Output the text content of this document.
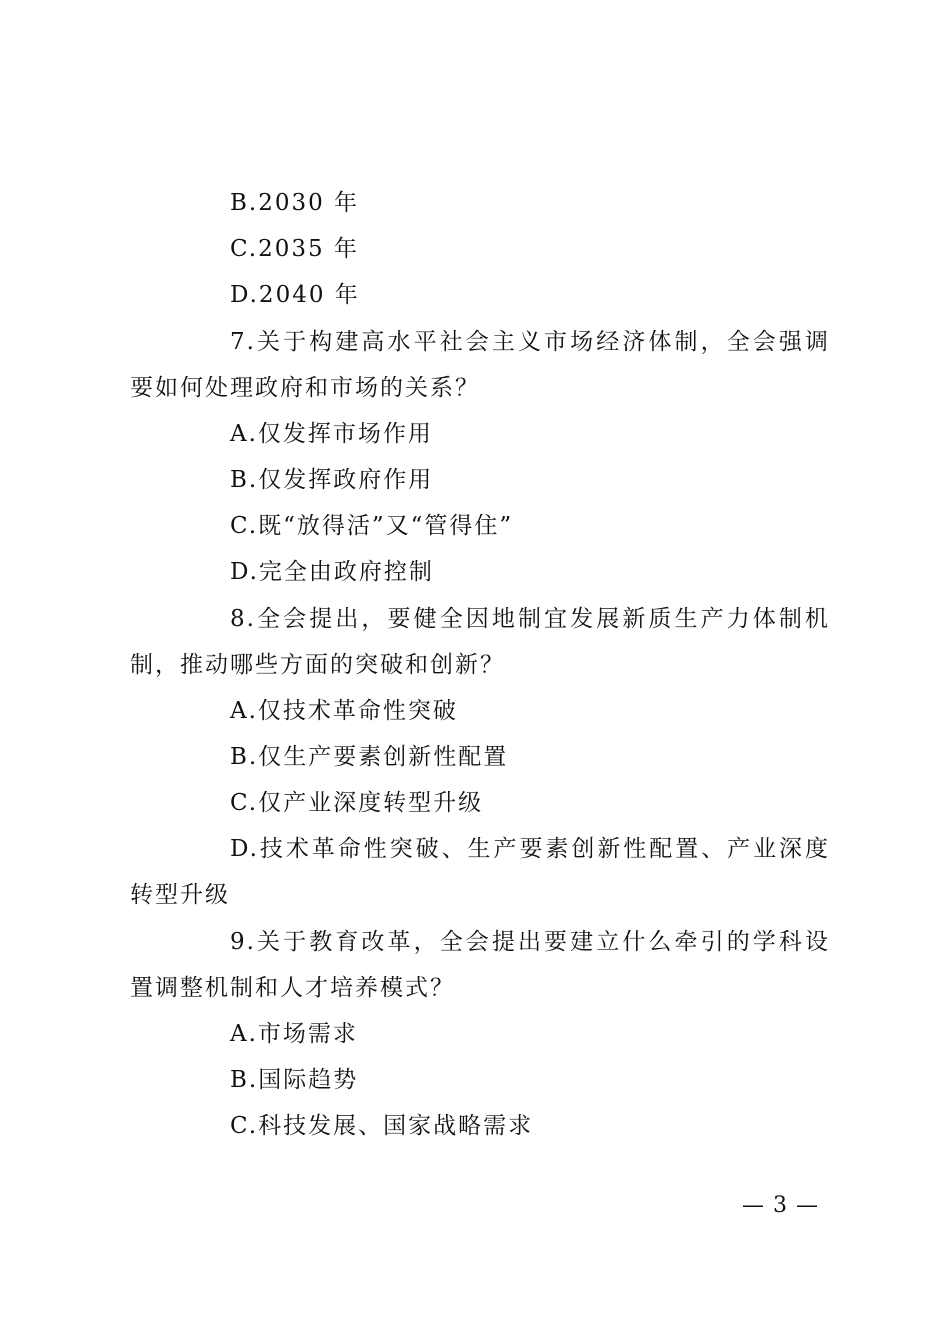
B.2030 年
C.2035 年
D.2040 年
7.关于构建高水平社会主义市场经济体制，全会强调
要如何处理政府和市场的关系？
A.仅发挥市场作用
B.仅发挥政府作用
C.既“放得活”又“管得住”
D.完全由政府控制
8.全会提出，要健全因地制宜发展新质生产力体制机
制，推动哪些方面的突破和创新？
A.仅技术革命性突破
B.仅生产要素创新性配置
C.仅产业深度转型升级
D.技术革命性突破、生产要素创新性配置、产业深度
转型升级
9.关于教育改革，全会提出要建立什么牵引的学科设
置调整机制和人才培养模式？
A.市场需求
B.国际趋势
C.科技发展、国家战略需求
— 3 —
